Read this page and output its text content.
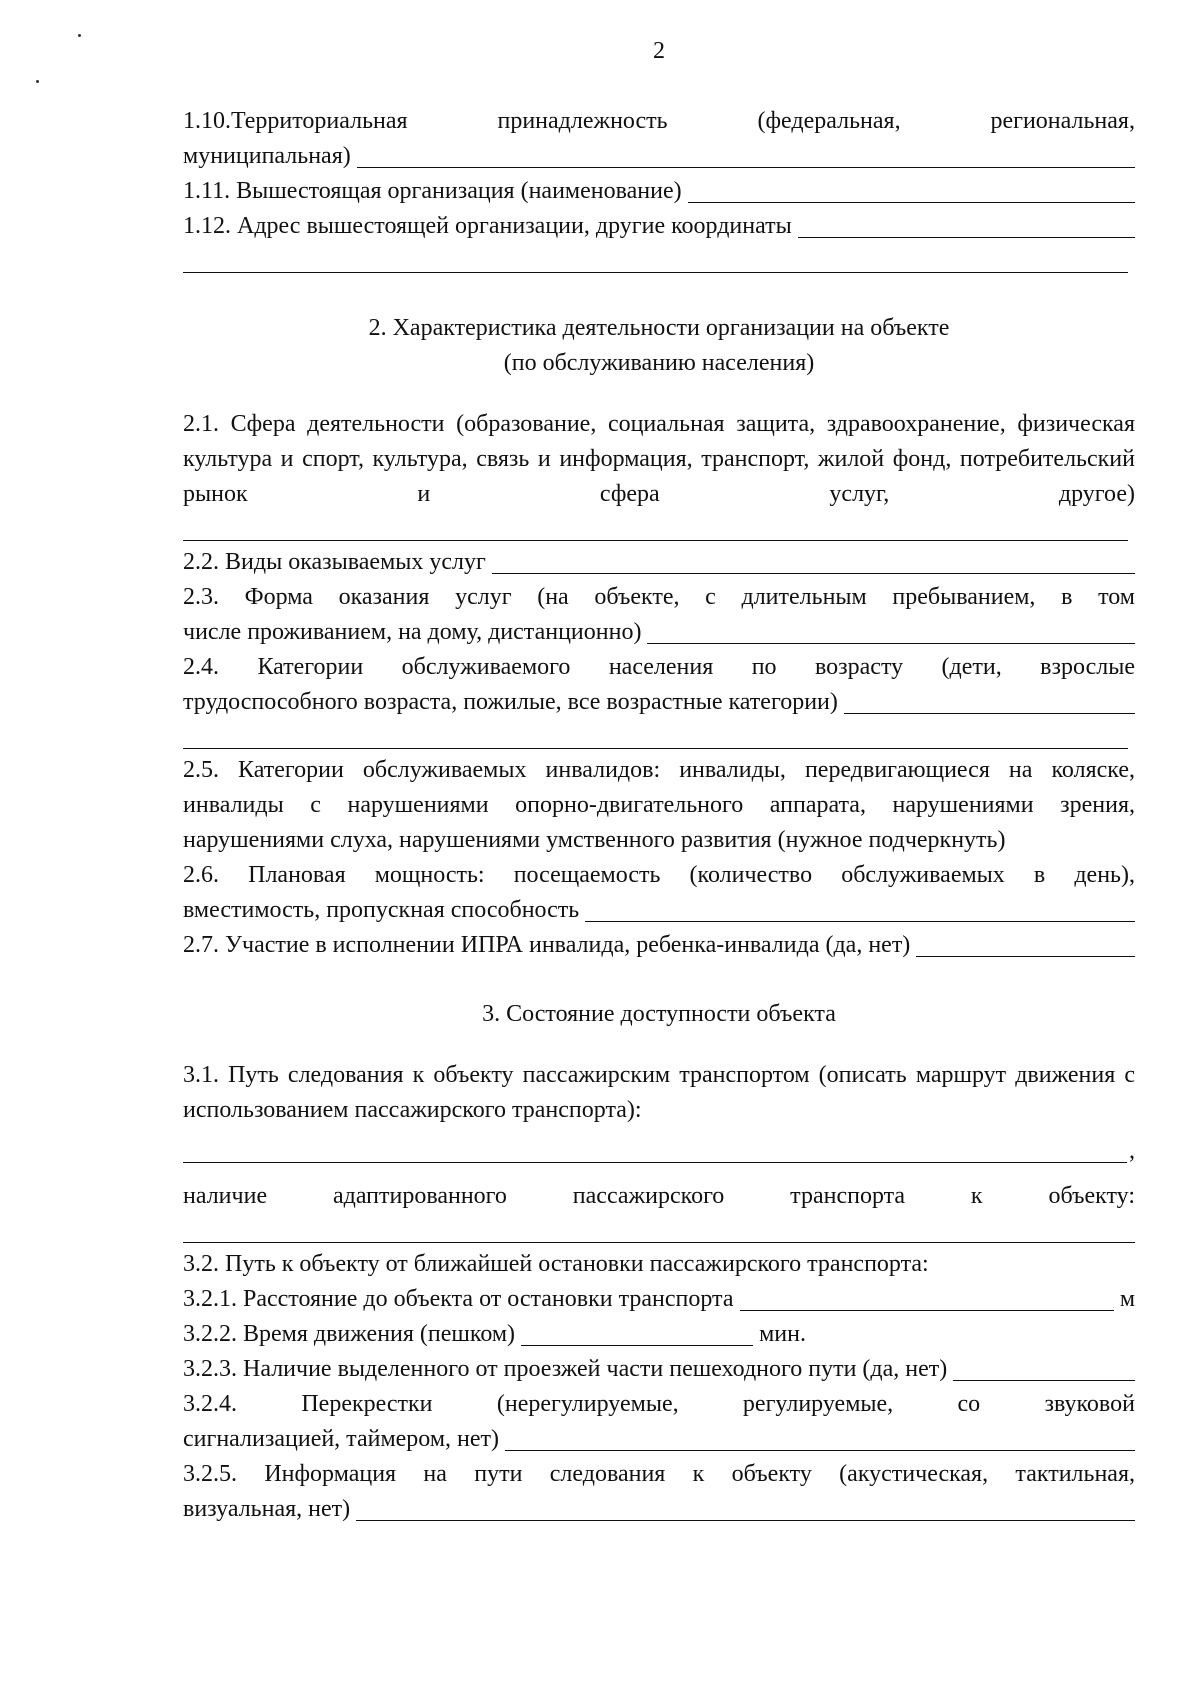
2
1.10.Территориальная	принадлежность	(федеральная,	региональная,
муниципальная)
1.11. Вышестоящая организация (наименование)
1.12. Адрес вышестоящей организации, другие координаты

2. Характеристика деятельности организации на объекте

(по обслуживанию населения)

2.1. Сфера деятельности (образование, социальная защита, здравоохранение, физическая культура и спорт, культура, связь и информация, транспорт, жилой фонд, потребительский рынок и сфера услуг, другое)

2.2. Виды оказываемых услуг

2.3. Форма оказания услуг (на объекте, с длительным пребыванием, в том

числе проживанием, на дому, дистанционно)

2.4. Категории обслуживаемого населения по возрасту (дети, взрослые

трудоспособного возраста, пожилые, все возрастные категории)

2.5. Категории обслуживаемых инвалидов: инвалиды, передвигающиеся на коляске, инвалиды с нарушениями опорно-двигательного аппарата, нарушениями зрения, нарушениями слуха, нарушениями умственного развития (нужное подчеркнуть)

2.6. Плановая мощность: посещаемость (количество обслуживаемых в день),

вместимость, пропускная способность
2.7. Участие в исполнении ИПРА инвалида, ребенка-инвалида (да, нет)

3. Состояние доступности объекта

3.1. Путь следования к объекту пассажирским транспортом (описать маршрут движения с использованием пассажирского транспорта):

,
наличие	адаптированного	пассажирского	транспорта	к	объекту:

3.2. Путь к объекту от ближайшей остановки пассажирского транспорта:

3.2.1. Расстояние до объекта от остановки транспорта	м
3.2.2. Время движения (пешком)	мин.
3.2.3. Наличие выделенного от проезжей части пешеходного пути (да, нет)
3.2.4.	Перекрестки	(нерегулируемые,	регулируемые,	со	звуковой
сигнализацией, таймером, нет)

3.2.5. Информация на пути следования к объекту (акустическая, тактильная,

визуальная, нет)
